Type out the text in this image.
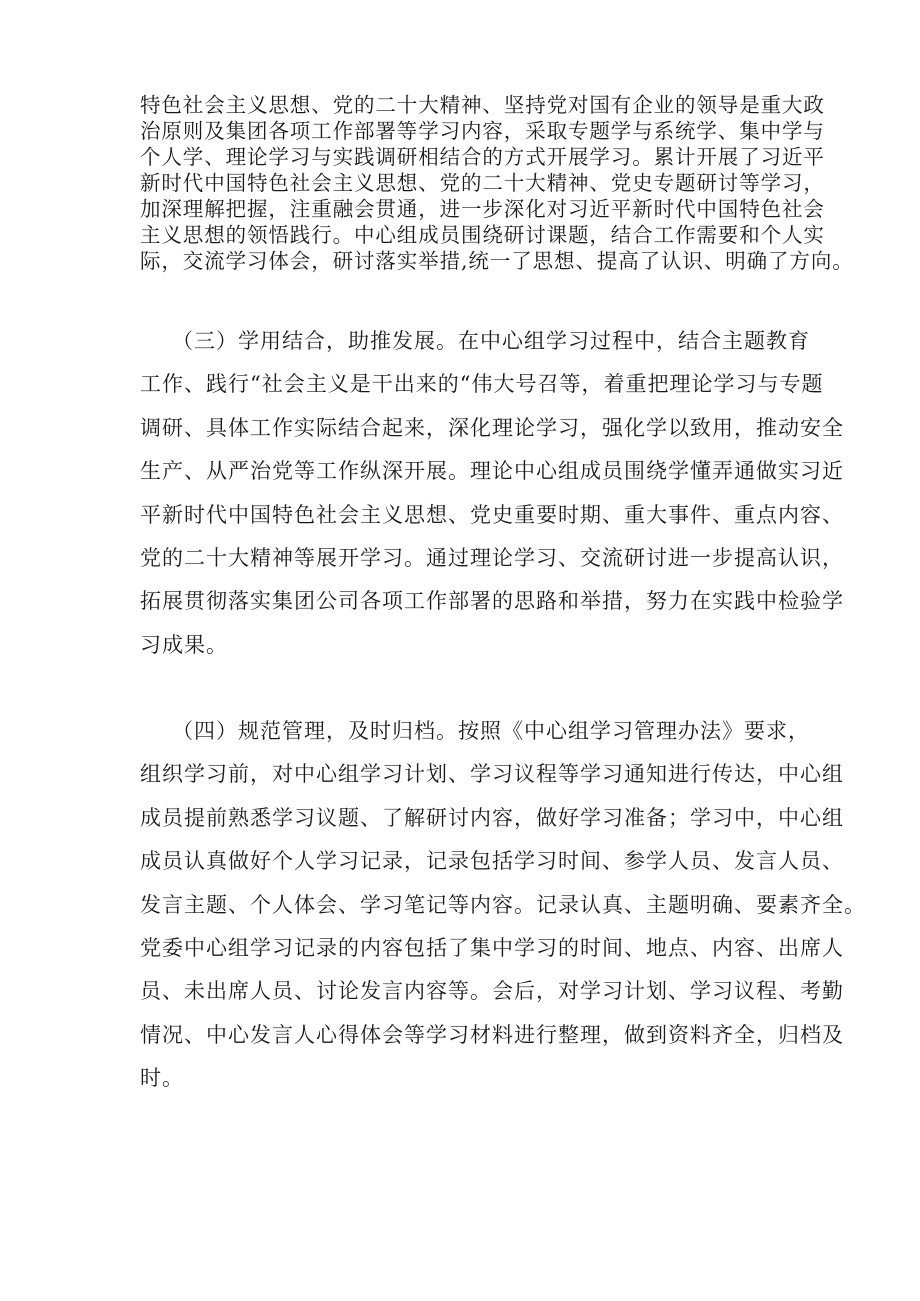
特色社会主义思想、党的二十大精神、坚持党对国有企业的领导是重大政
治原则及集团各项工作部署等学习内容，采取专题学与系统学、集中学与
个人学、理论学习与实践调研相结合的方式开展学习。累计开展了习近平
新时代中国特色社会主义思想、党的二十大精神、党史专题研讨等学习，
加深理解把握，注重融会贯通，进一步深化对习近平新时代中国特色社会
主义思想的领悟践行。中心组成员围绕研讨课题，结合工作需要和个人实
际，交流学习体会，研讨落实举措,统一了思想、提高了认识、明确了方向。
（三）学用结合，助推发展。在中心组学习过程中，结合主题教育
工作、践行“社会主义是干出来的“伟大号召等，着重把理论学习与专题
调研、具体工作实际结合起来，深化理论学习，强化学以致用，推动安全
生产、从严治党等工作纵深开展。理论中心组成员围绕学懂弄通做实习近
平新时代中国特色社会主义思想、党史重要时期、重大事件、重点内容、
党的二十大精神等展开学习。通过理论学习、交流研讨进一步提高认识，
拓展贯彻落实集团公司各项工作部署的思路和举措，努力在实践中检验学
习成果。
（四）规范管理，及时归档。按照《中心组学习管理办法》要求，
组织学习前，对中心组学习计划、学习议程等学习通知进行传达，中心组
成员提前熟悉学习议题、了解研讨内容，做好学习准备；学习中，中心组
成员认真做好个人学习记录，记录包括学习时间、参学人员、发言人员、
发言主题、个人体会、学习笔记等内容。记录认真、主题明确、要素齐全。
党委中心组学习记录的内容包括了集中学习的时间、地点、内容、出席人
员、未出席人员、讨论发言内容等。会后，对学习计划、学习议程、考勤
情况、中心发言人心得体会等学习材料进行整理，做到资料齐全，归档及
时。
